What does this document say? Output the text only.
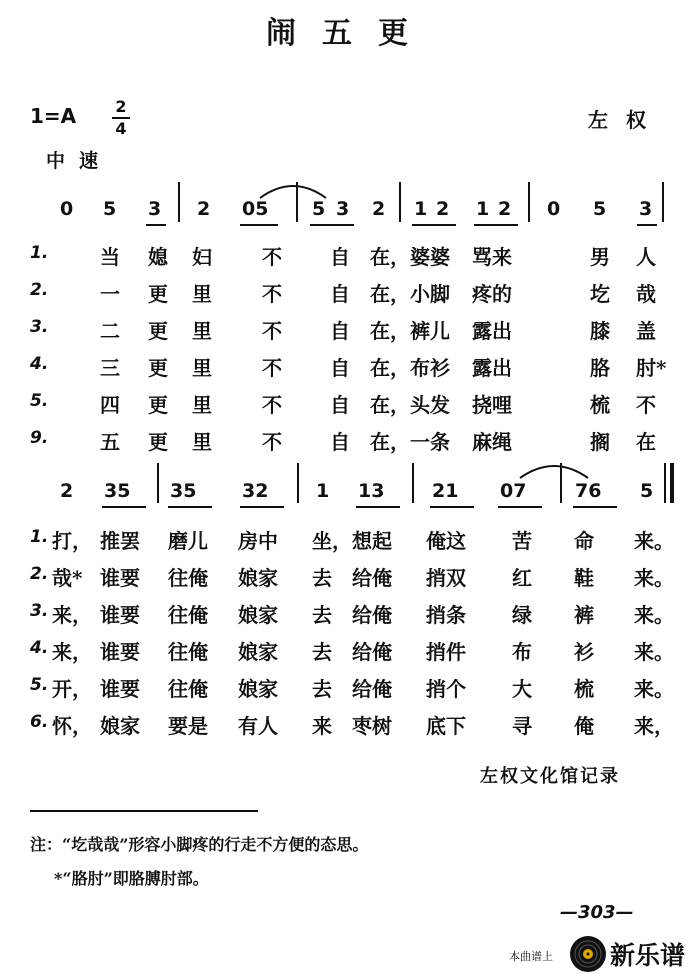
闹五更
1=A 2
4	左权
中速
0 5 3 2 05 5 3 2 1 2 1 2 0 5 3
1.	当 媳 妇	不 自 在，婆婆 骂来	男 人
2.	一 更 里	不 自 在，小脚 疼的	圪 哉
3.	二 更 里	不 自 在，裤儿 露出	膝 盖
4.	三 更 里	不 自 在，布衫 露出	胳 肘*
5.	四 更 里	不 自 在，头发 挠哩	梳 不
9.	五 更 里	不 自 在，一条 麻绳	搁 在
2 35 35 32	1 13	21 07	76 5
1. 打， 推罢 磨儿 房中 坐， 想起 俺这 苦 命 来。
2. 哉* 谁要 往俺 娘家 去 给俺 捎双 红 鞋 来。
3. 来， 谁要 往俺 娘家 去 给俺 捎条 绿 裤 来。
4. 来， 谁要 往俺 娘家 去 给俺 捎件 布 衫 来。
5. 开， 谁要 往俺 娘家 去 给俺 捎个 大 梳 来。
6. 怀， 娘家 要是 有人 来 枣树 底下 寻 俺 来，
左权文化馆记录
注：“圪哉哉”形容小脚疼的行走不方便的态思。
*“胳肘”即胳膊肘部。
—303—
本曲谱上 新乐谱
